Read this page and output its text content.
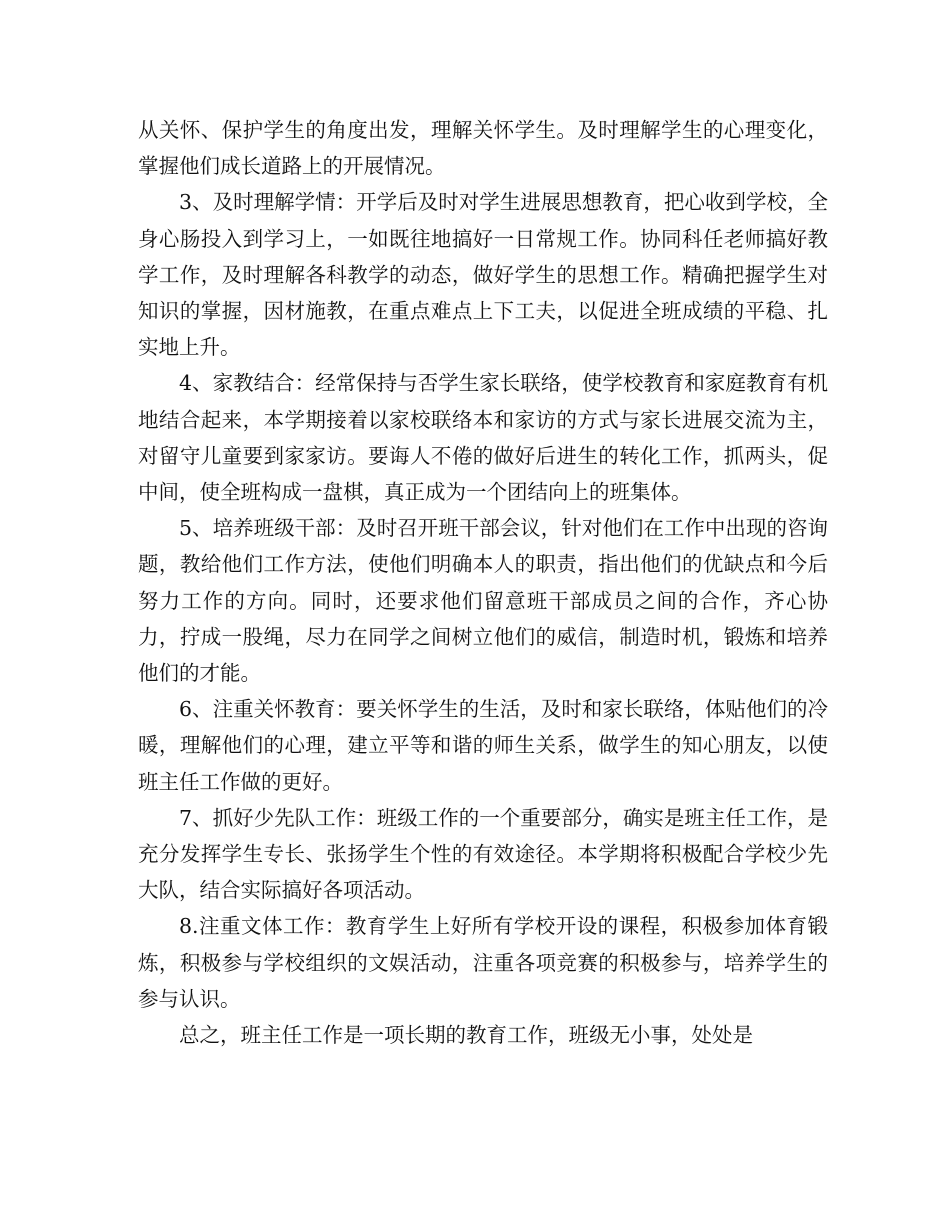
从关怀、保护学生的角度出发，理解关怀学生。及时理解学生的心理变化，掌握他们成长道路上的开展情况。

3、及时理解学情：开学后及时对学生进展思想教育，把心收到学校，全身心肠投入到学习上，一如既往地搞好一日常规工作。协同科任老师搞好教学工作，及时理解各科教学的动态，做好学生的思想工作。精确把握学生对知识的掌握，因材施教，在重点难点上下工夫，以促进全班成绩的平稳、扎实地上升。

4、家教结合：经常保持与否学生家长联络，使学校教育和家庭教育有机地结合起来，本学期接着以家校联络本和家访的方式与家长进展交流为主，对留守儿童要到家家访。要诲人不倦的做好后进生的转化工作，抓两头，促中间，使全班构成一盘棋，真正成为一个团结向上的班集体。

5、培养班级干部：及时召开班干部会议，针对他们在工作中出现的咨询题，教给他们工作方法，使他们明确本人的职责，指出他们的优缺点和今后努力工作的方向。同时，还要求他们留意班干部成员之间的合作，齐心协力，拧成一股绳，尽力在同学之间树立他们的威信，制造时机，锻炼和培养他们的才能。

6、注重关怀教育：要关怀学生的生活，及时和家长联络，体贴他们的冷暖，理解他们的心理，建立平等和谐的师生关系，做学生的知心朋友，以使班主任工作做的更好。

7、抓好少先队工作：班级工作的一个重要部分，确实是班主任工作，是充分发挥学生专长、张扬学生个性的有效途径。本学期将积极配合学校少先大队，结合实际搞好各项活动。

8.注重文体工作：教育学生上好所有学校开设的课程，积极参加体育锻炼，积极参与学校组织的文娱活动，注重各项竞赛的积极参与，培养学生的参与认识。

总之，班主任工作是一项长期的教育工作，班级无小事，处处是
